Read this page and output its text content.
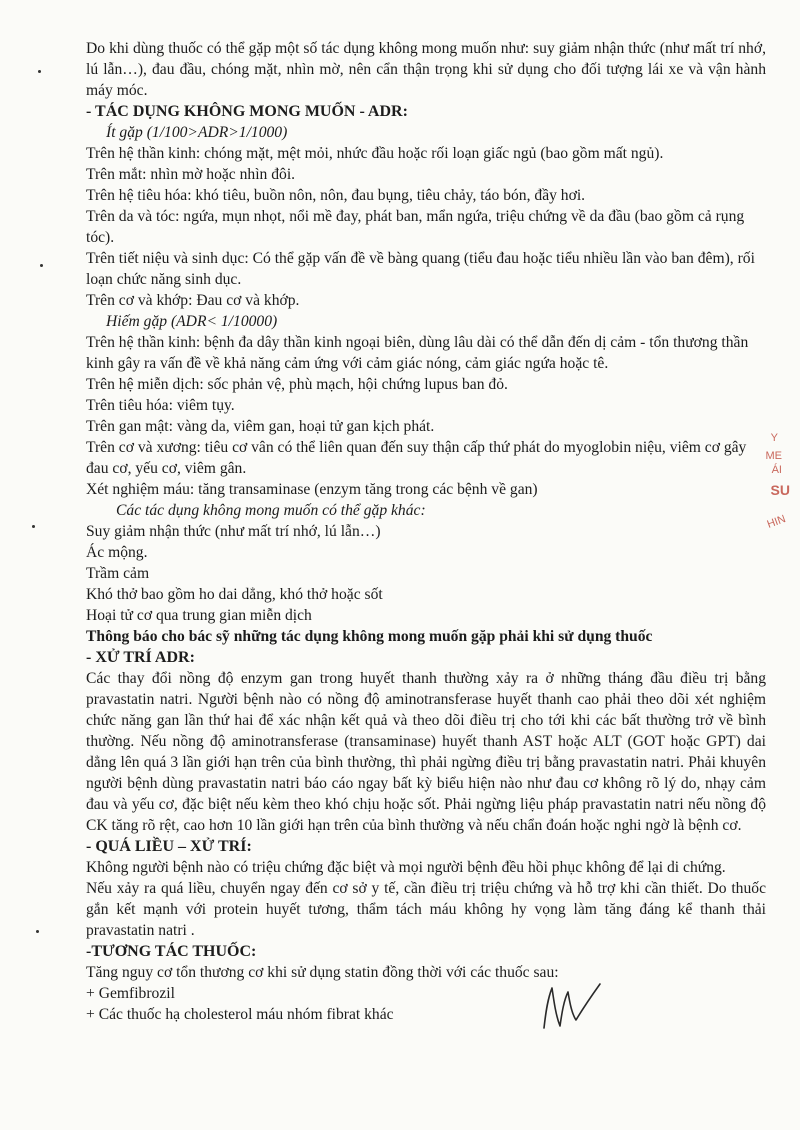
Y
ME
ÁI
SU
HIN

Do khi dùng thuốc có thể gặp một số tác dụng không mong muốn như: suy giảm nhận thức (như mất trí nhớ, lú lẫn…), đau đầu, chóng mặt, nhìn mờ, nên cẩn thận trọng khi sử dụng cho đối tượng lái xe và vận hành máy móc.

- TÁC DỤNG KHÔNG MONG MUỐN - ADR:

Ít gặp (1/100>ADR>1/1000)

Trên hệ thần kinh: chóng mặt, mệt mỏi, nhức đầu hoặc rối loạn giấc ngủ (bao gồm mất ngủ).

Trên mắt: nhìn mờ hoặc nhìn đôi.

Trên hệ tiêu hóa: khó tiêu, buồn nôn, nôn, đau bụng, tiêu chảy, táo bón, đầy hơi.

Trên da và tóc: ngứa, mụn nhọt, nổi mề đay, phát ban, mẩn ngứa, triệu chứng về da đầu (bao gồm cả rụng tóc).

Trên tiết niệu và sinh dục: Có thể gặp vấn đề về bàng quang (tiểu đau hoặc tiểu nhiều lần vào ban đêm), rối loạn chức năng sinh dục.

Trên cơ và khớp: Đau cơ và khớp.

Hiếm gặp (ADR< 1/10000)

Trên hệ thần kinh: bệnh đa dây thần kinh ngoại biên, dùng lâu dài có thể dẫn đến dị cảm - tổn thương thần kinh gây ra vấn đề về khả năng cảm ứng với cảm giác nóng, cảm giác ngứa hoặc tê.

Trên hệ miễn dịch: sốc phản vệ, phù mạch, hội chứng lupus ban đỏ.

Trên tiêu hóa: viêm tụy.

Trên gan mật: vàng da, viêm gan, hoại tử gan kịch phát.

Trên cơ và xương: tiêu cơ vân có thể liên quan đến suy thận cấp thứ phát do myoglobin niệu, viêm cơ gây đau cơ, yếu cơ, viêm gân.

Xét nghiệm máu: tăng transaminase (enzym tăng trong các bệnh về gan)

Các tác dụng không mong muốn có thể gặp khác:

Suy giảm nhận thức (như mất trí nhớ, lú lẫn…)

Ác mộng.

Trầm cảm

Khó thở bao gồm ho dai dẳng, khó thở hoặc sốt

Hoại tử cơ qua trung gian miễn dịch

Thông báo cho bác sỹ những tác dụng không mong muốn gặp phải khi sử dụng thuốc

- XỬ TRÍ ADR:

Các thay đổi nồng độ enzym gan trong huyết thanh thường xảy ra ở những tháng đầu điều trị bằng pravastatin natri. Người bệnh nào có nồng độ aminotransferase huyết thanh cao phải theo dõi xét nghiệm chức năng gan lần thứ hai để xác nhận kết quả và theo dõi điều trị cho tới khi các bất thường trở về bình thường. Nếu nồng độ aminotransferase (transaminase) huyết thanh AST hoặc ALT (GOT hoặc GPT) dai dẳng lên quá 3 lần giới hạn trên của bình thường, thì phải ngừng điều trị bằng pravastatin natri. Phải khuyên người bệnh dùng pravastatin natri báo cáo ngay bất kỳ biểu hiện nào như đau cơ không rõ lý do, nhạy cảm đau và yếu cơ, đặc biệt nếu kèm theo khó chịu hoặc sốt. Phải ngừng liệu pháp pravastatin natri nếu nồng độ CK tăng rõ rệt, cao hơn 10 lần giới hạn trên của bình thường và nếu chẩn đoán hoặc nghi ngờ là bệnh cơ.

- QUÁ LIỀU – XỬ TRÍ:

Không người bệnh nào có triệu chứng đặc biệt và mọi người bệnh đều hồi phục không để lại di chứng.

Nếu xảy ra quá liều, chuyển ngay đến cơ sở y tế, cần điều trị triệu chứng và hỗ trợ khi cần thiết. Do thuốc gắn kết mạnh với protein huyết tương, thẩm tách máu không hy vọng làm tăng đáng kể thanh thải pravastatin natri .

-TƯƠNG TÁC THUỐC:

Tăng nguy cơ tổn thương cơ khi sử dụng statin đồng thời với các thuốc sau:

+ Gemfibrozil

+ Các thuốc hạ cholesterol máu nhóm fibrat khác
